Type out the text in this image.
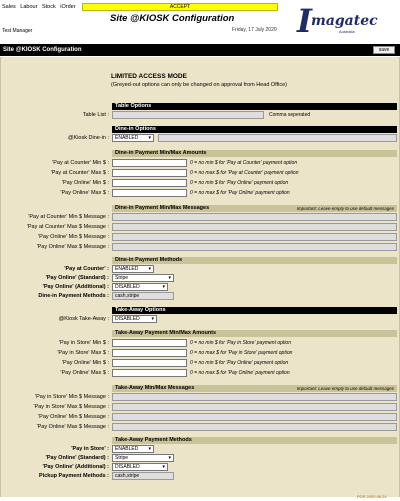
Sales Labour Stock iOrder	ACCEPT
Site @KIOSK Configuration
Test Manager	Friday, 17 July 2020 I magatec
Australia
Site @KIOSK Configuration	save
LIMITED ACCESS MODE
(Greyed-out options can only be changed on approval from Head Office)
Table Options
Table List :	Comma seperated
Dine-in Options
@Kiosk Dine-in :	ENABLED ▾
Dine-in Payment Min/Max Amounts
'Pay at Counter' Min $ :	0 = no min $ for 'Pay at Counter' payment option
'Pay at Counter' Max $ :	0 = no max $ for 'Pay at Counter' payment option
'Pay Online' Min $ :	0 = no min $ for 'Pay Online' payment option
'Pay Online' Max $ :	0 = no max $ for 'Pay Online' payment option
Dine-in Payment Min/Max Messages	Important: Leave empty to use default messages
'Pay at Counter' Min $ Message :
'Pay at Counter' Max $ Message :
'Pay Online' Min $ Message :
'Pay Online' Max $ Message :
Dine-in Payment Methods
'Pay at Counter' :	ENABLED ▾
'Pay Online' (Standard) :	Stripe ▾
'Pay Online' (Additional) :	DISABLED ▾
Dine-in Payment Methods :	cash,stripe
Take-Away Options
@Kiosk Take-Away :	DISABLED ▾
Take-Away Payment Min/Max Amounts
'Pay in Store' Min $ :	0 = no min $ for 'Pay in Store' payment option
'Pay in Store' Max $ :	0 = no max $ for 'Pay in Store' payment option
'Pay Online' Min $ :	0 = no min $ for 'Pay Online' payment option
'Pay Online' Max $ :	0 = no max $ for 'Pay Online' payment option
Take-Away Min/Max Messages	Important: Leave empty to use default messages
'Pay in Store' Min $ Message :
'Pay in Store' Max $ Message :
'Pay Online' Min $ Message :
'Pay Online' Max $ Message :
Take-Away Payment Methods
'Pay in Store' :	ENABLED ▾
'Pay Online' (Standard) :	Stripe ▾
'Pay Online' (Additional) :	DISABLED ▾
Pickup Payment Methods :	cash,stripe
POS 2020.06.24
